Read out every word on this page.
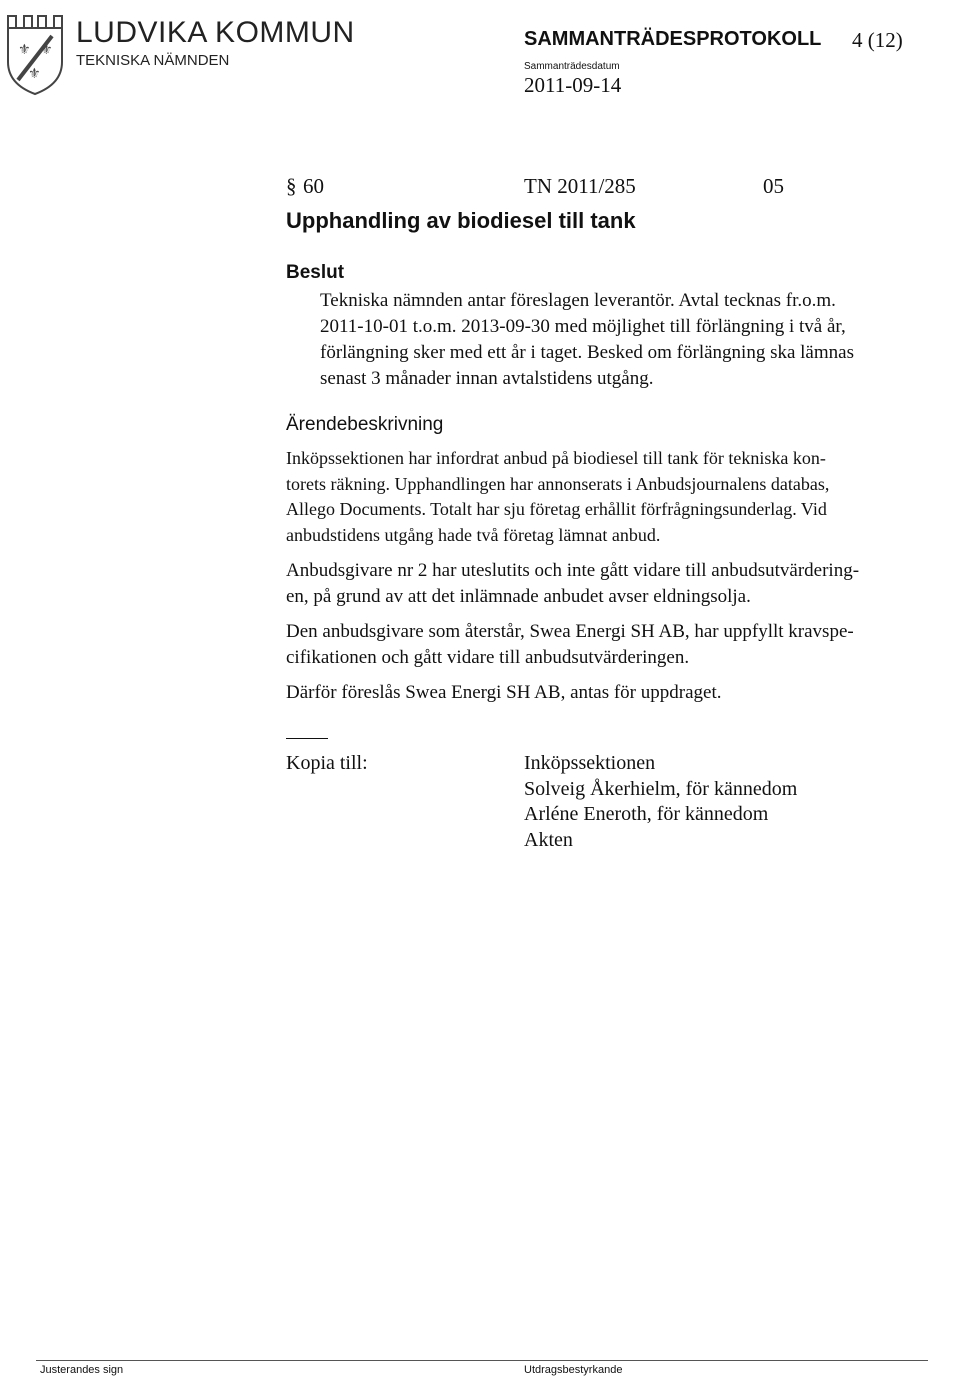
⚜ ⚜
⚜
LUDVIKA KOMMUN
TEKNISKA NÄMNDEN
SAMMANTRÄDESPROTOKOLL 4 (12)
Sammanträdesdatum
2011-09-14
§ 60	TN 2011/285	05
Upphandling av biodiesel till tank
Beslut
Tekniska nämnden antar föreslagen leverantör. Avtal tecknas fr.o.m.
2011-10-01 t.o.m. 2013-09-30 med möjlighet till förlängning i två år,
förlängning sker med ett år i taget. Besked om förlängning ska lämnas
senast 3 månader innan avtalstidens utgång.
Ärendebeskrivning
Inköpssektionen har infordrat anbud på biodiesel till tank för tekniska kon-
torets räkning. Upphandlingen har annonserats i Anbudsjournalens databas,
Allego Documents. Totalt har sju företag erhållit förfrågningsunderlag. Vid
anbudstidens utgång hade två företag lämnat anbud.
Anbudsgivare nr 2 har uteslutits och inte gått vidare till anbudsutvärdering-
en, på grund av att det inlämnade anbudet avser eldningsolja.
Den anbudsgivare som återstår, Swea Energi SH AB, har uppfyllt kravspe-
cifikationen och gått vidare till anbudsutvärderingen.
Därför föreslås Swea Energi SH AB, antas för uppdraget.
Kopia till:	Inköpssektionen
Solveig Åkerhielm, för kännedom
Arléne Eneroth, för kännedom
Akten
Justerandes sign	Utdragsbestyrkande
